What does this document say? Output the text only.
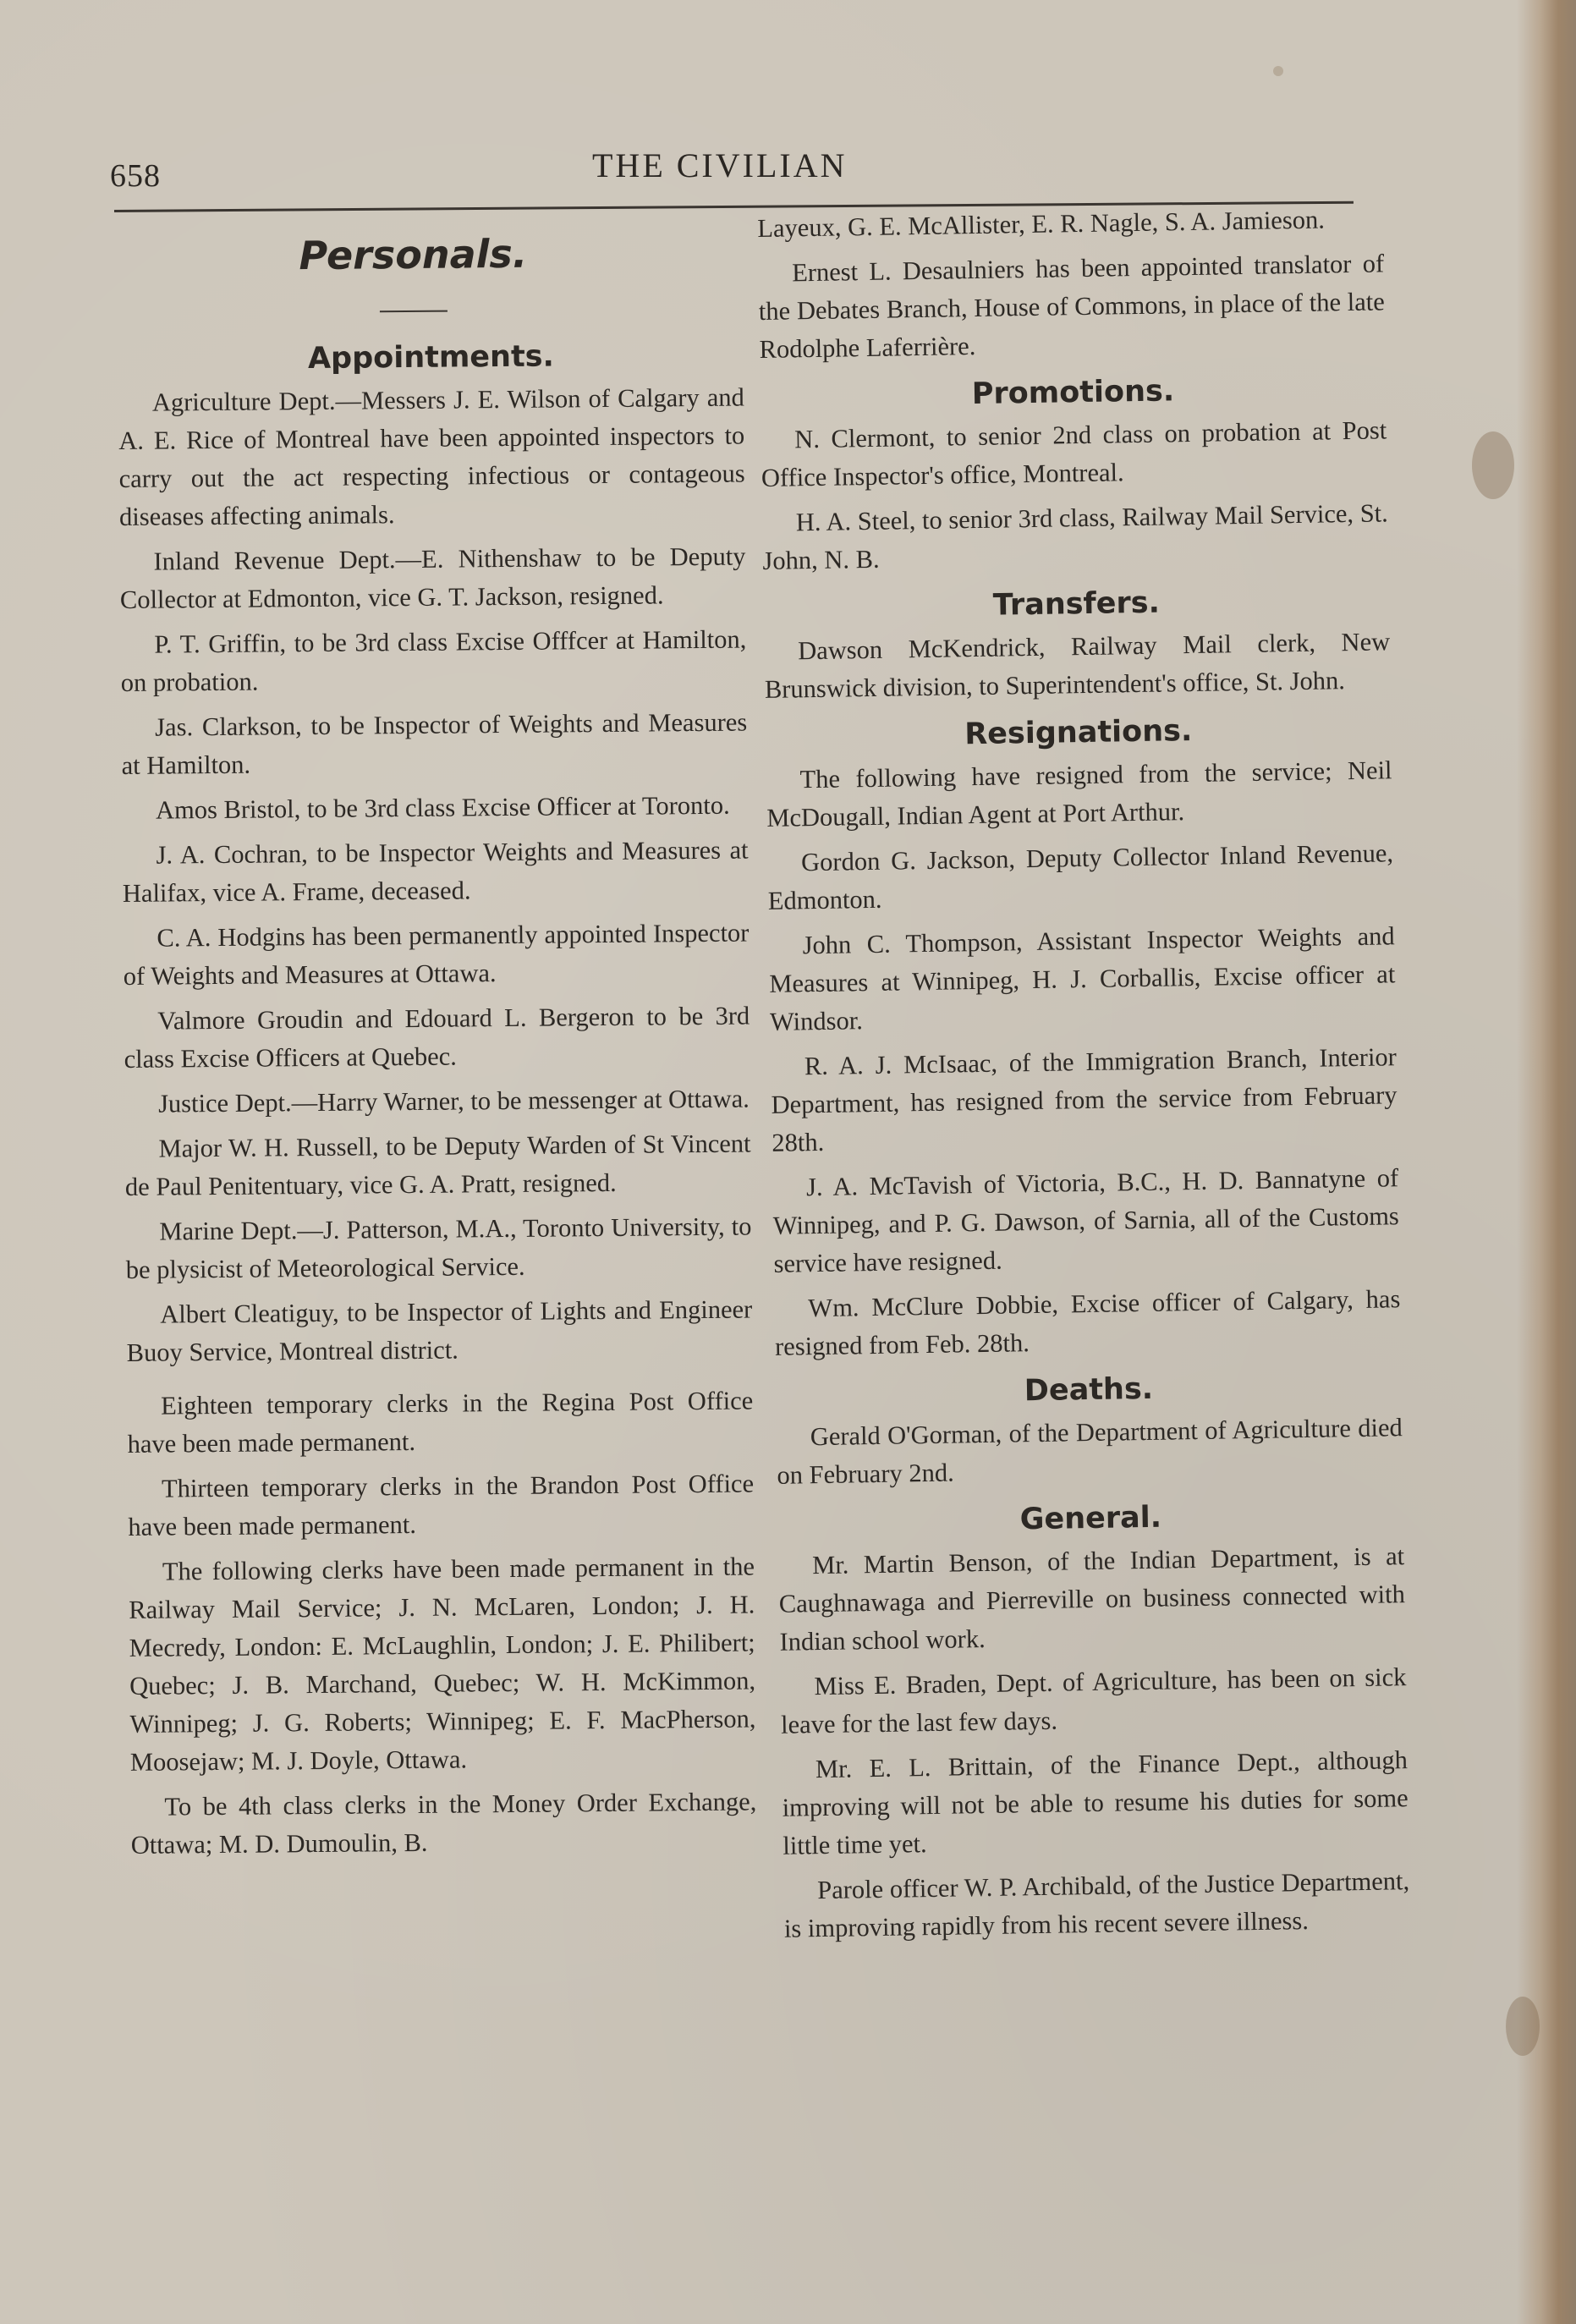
658	THE CIVILIAN
Personals.
Appointments.

Agriculture Dept.—Messers J. E. Wilson of Calgary and A. E. Rice of Montreal have been appointed inspectors to carry out the act respecting infectious or contageous diseases affecting animals.

Inland Revenue Dept.—E. Nithenshaw to be Deputy Collector at Edmonton, vice G. T. Jackson, resigned.

P. T. Griffin, to be 3rd class Excise Offfcer at Hamilton, on probation.

Jas. Clarkson, to be Inspector of Weights and Measures at Hamilton.

Amos Bristol, to be 3rd class Excise Officer at Toronto.

J. A. Cochran, to be Inspector Weights and Measures at Halifax, vice A. Frame, deceased.

C. A. Hodgins has been permanently appointed Inspector of Weights and Measures at Ottawa.

Valmore Groudin and Edouard L. Bergeron to be 3rd class Excise Officers at Quebec.

Justice Dept.—Harry Warner, to be messenger at Ottawa.

Major W. H. Russell, to be Deputy Warden of St Vincent de Paul Penitentuary, vice G. A. Pratt, resigned.

Marine Dept.—J. Patterson, M.A., Toronto University, to be plysicist of Meteorological Service.

Albert Cleatiguy, to be Inspector of Lights and Engineer Buoy Service, Montreal district.

Eighteen temporary clerks in the Regina Post Office have been made permanent.

Thirteen temporary clerks in the Brandon Post Office have been made permanent.

The following clerks have been made permanent in the Railway Mail Service; J. N. McLaren, London; J. H. Mecredy, London: E. McLaughlin, London; J. E. Philibert; Quebec; J. B. Marchand, Quebec; W. H. McKimmon, Winnipeg; J. G. Roberts; Winnipeg; E. F. MacPherson, Moosejaw; M. J. Doyle, Ottawa.

To be 4th class clerks in the Money Order Exchange, Ottawa; M. D. Dumoulin, B.

Layeux, G. E. McAllister, E. R. Nagle, S. A. Jamieson.

Ernest L. Desaulniers has been appointed translator of the Debates Branch, House of Commons, in place of the late Rodolphe Laferrière.

Promotions.

N. Clermont, to senior 2nd class on probation at Post Office Inspector's office, Montreal.

H. A. Steel, to senior 3rd class, Railway Mail Service, St. John, N. B.

Transfers.

Dawson McKendrick, Railway Mail clerk, New Brunswick division, to Superintendent's office, St. John.

Resignations.

The following have resigned from the service; Neil McDougall, Indian Agent at Port Arthur.

Gordon G. Jackson, Deputy Collector Inland Revenue, Edmonton.

John C. Thompson, Assistant Inspector Weights and Measures at Winnipeg, H. J. Corballis, Excise officer at Windsor.

R. A. J. McIsaac, of the Immigration Branch, Interior Department, has resigned from the service from February 28th.

J. A. McTavish of Victoria, B.C., H. D. Bannatyne of Winnipeg, and P. G. Dawson, of Sarnia, all of the Customs service have resigned.

Wm. McClure Dobbie, Excise officer of Calgary, has resigned from Feb. 28th.

Deaths.

Gerald O'Gorman, of the Department of Agriculture died on February 2nd.

General.

Mr. Martin Benson, of the Indian Department, is at Caughnawaga and Pierreville on business connected with Indian school work.

Miss E. Braden, Dept. of Agriculture, has been on sick leave for the last few days.

Mr. E. L. Brittain, of the Finance Dept., although improving will not be able to resume his duties for some little time yet.

Parole officer W. P. Archibald, of the Justice Department, is improving rapidly from his recent severe illness.
